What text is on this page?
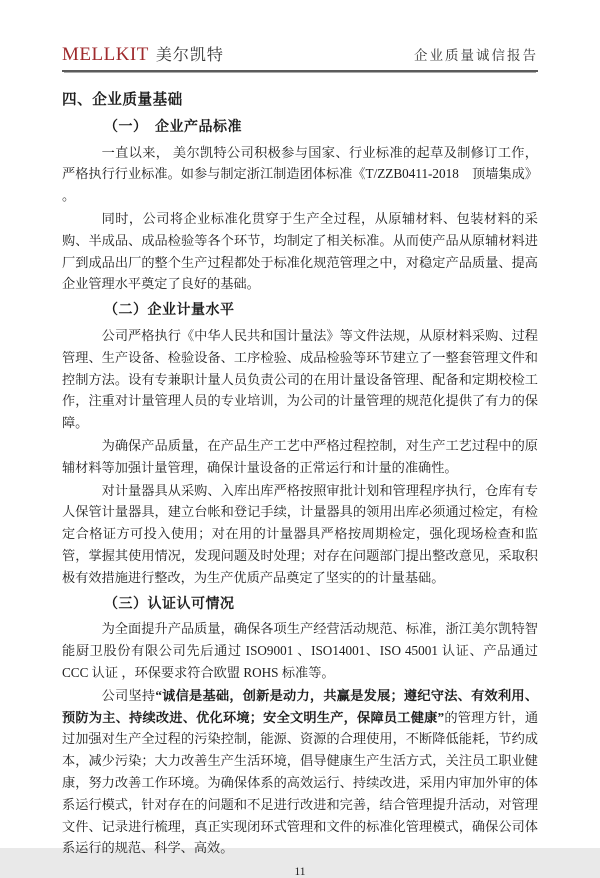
MELLKIT 美尔凯特	企业质量诚信报告
四、企业质量基础
（一）　企业产品标准

一直以来， 美尔凯特公司积极参与国家、行业标准的起草及制修订工作，严格执行行业标准。如参与制定浙江制造团体标准《T/ZZB0411-2018　顶墙集成》 。

同时，公司将企业标准化贯穿于生产全过程，从原辅材料、包装材料的采购、半成品、成品检验等各个环节，均制定了相关标准。从而使产品从原辅材料进厂到成品出厂的整个生产过程都处于标准化规范管理之中，对稳定产品质量、提高企业管理水平奠定了良好的基础。

（二）企业计量水平

公司严格执行《中华人民共和国计量法》等文件法规，从原材料采购、过程管理、生产设备、检验设备、工序检验、成品检验等环节建立了一整套管理文件和控制方法。设有专兼职计量人员负责公司的在用计量设备管理、配备和定期校检工作，注重对计量管理人员的专业培训，为公司的计量管理的规范化提供了有力的保障。

为确保产品质量，在产品生产工艺中严格过程控制，对生产工艺过程中的原辅材料等加强计量管理，确保计量设备的正常运行和计量的准确性。

对计量器具从采购、入库出库严格按照审批计划和管理程序执行，仓库有专人保管计量器具，建立台帐和登记手续，计量器具的领用出库必须通过检定，有检定合格证方可投入使用；对在用的计量器具严格按周期检定，强化现场检查和监管，掌握其使用情况，发现问题及时处理；对存在问题部门提出整改意见，采取积极有效措施进行整改，为生产优质产品奠定了坚实的的计量基础。

（三）认证认可情况

为全面提升产品质量，确保各项生产经营活动规范、标准，浙江美尔凯特智能厨卫股份有限公司先后通过 ISO9001 、ISO14001、ISO 45001 认证、产品通过 CCC 认证 ，环保要求符合欧盟 ROHS 标准等。

公司坚持“诚信是基础，创新是动力，共赢是发展；遵纪守法、有效利用、预防为主、持续改进、优化环境；安全文明生产，保障员工健康”的管理方针，通过加强对生产全过程的污染控制，能源、资源的合理使用，不断降低能耗，节约成本，减少污染；大力改善生产生活环境，倡导健康生产生活方式，关注员工职业健康，努力改善工作环境。为确保体系的高效运行、持续改进，采用内审加外审的体系运行模式，针对存在的问题和不足进行改进和完善，结合管理提升活动，对管理文件、记录进行梳理，真正实现闭环式管理和文件的标准化管理模式，确保公司体系运行的规范、科学、高效。

11
